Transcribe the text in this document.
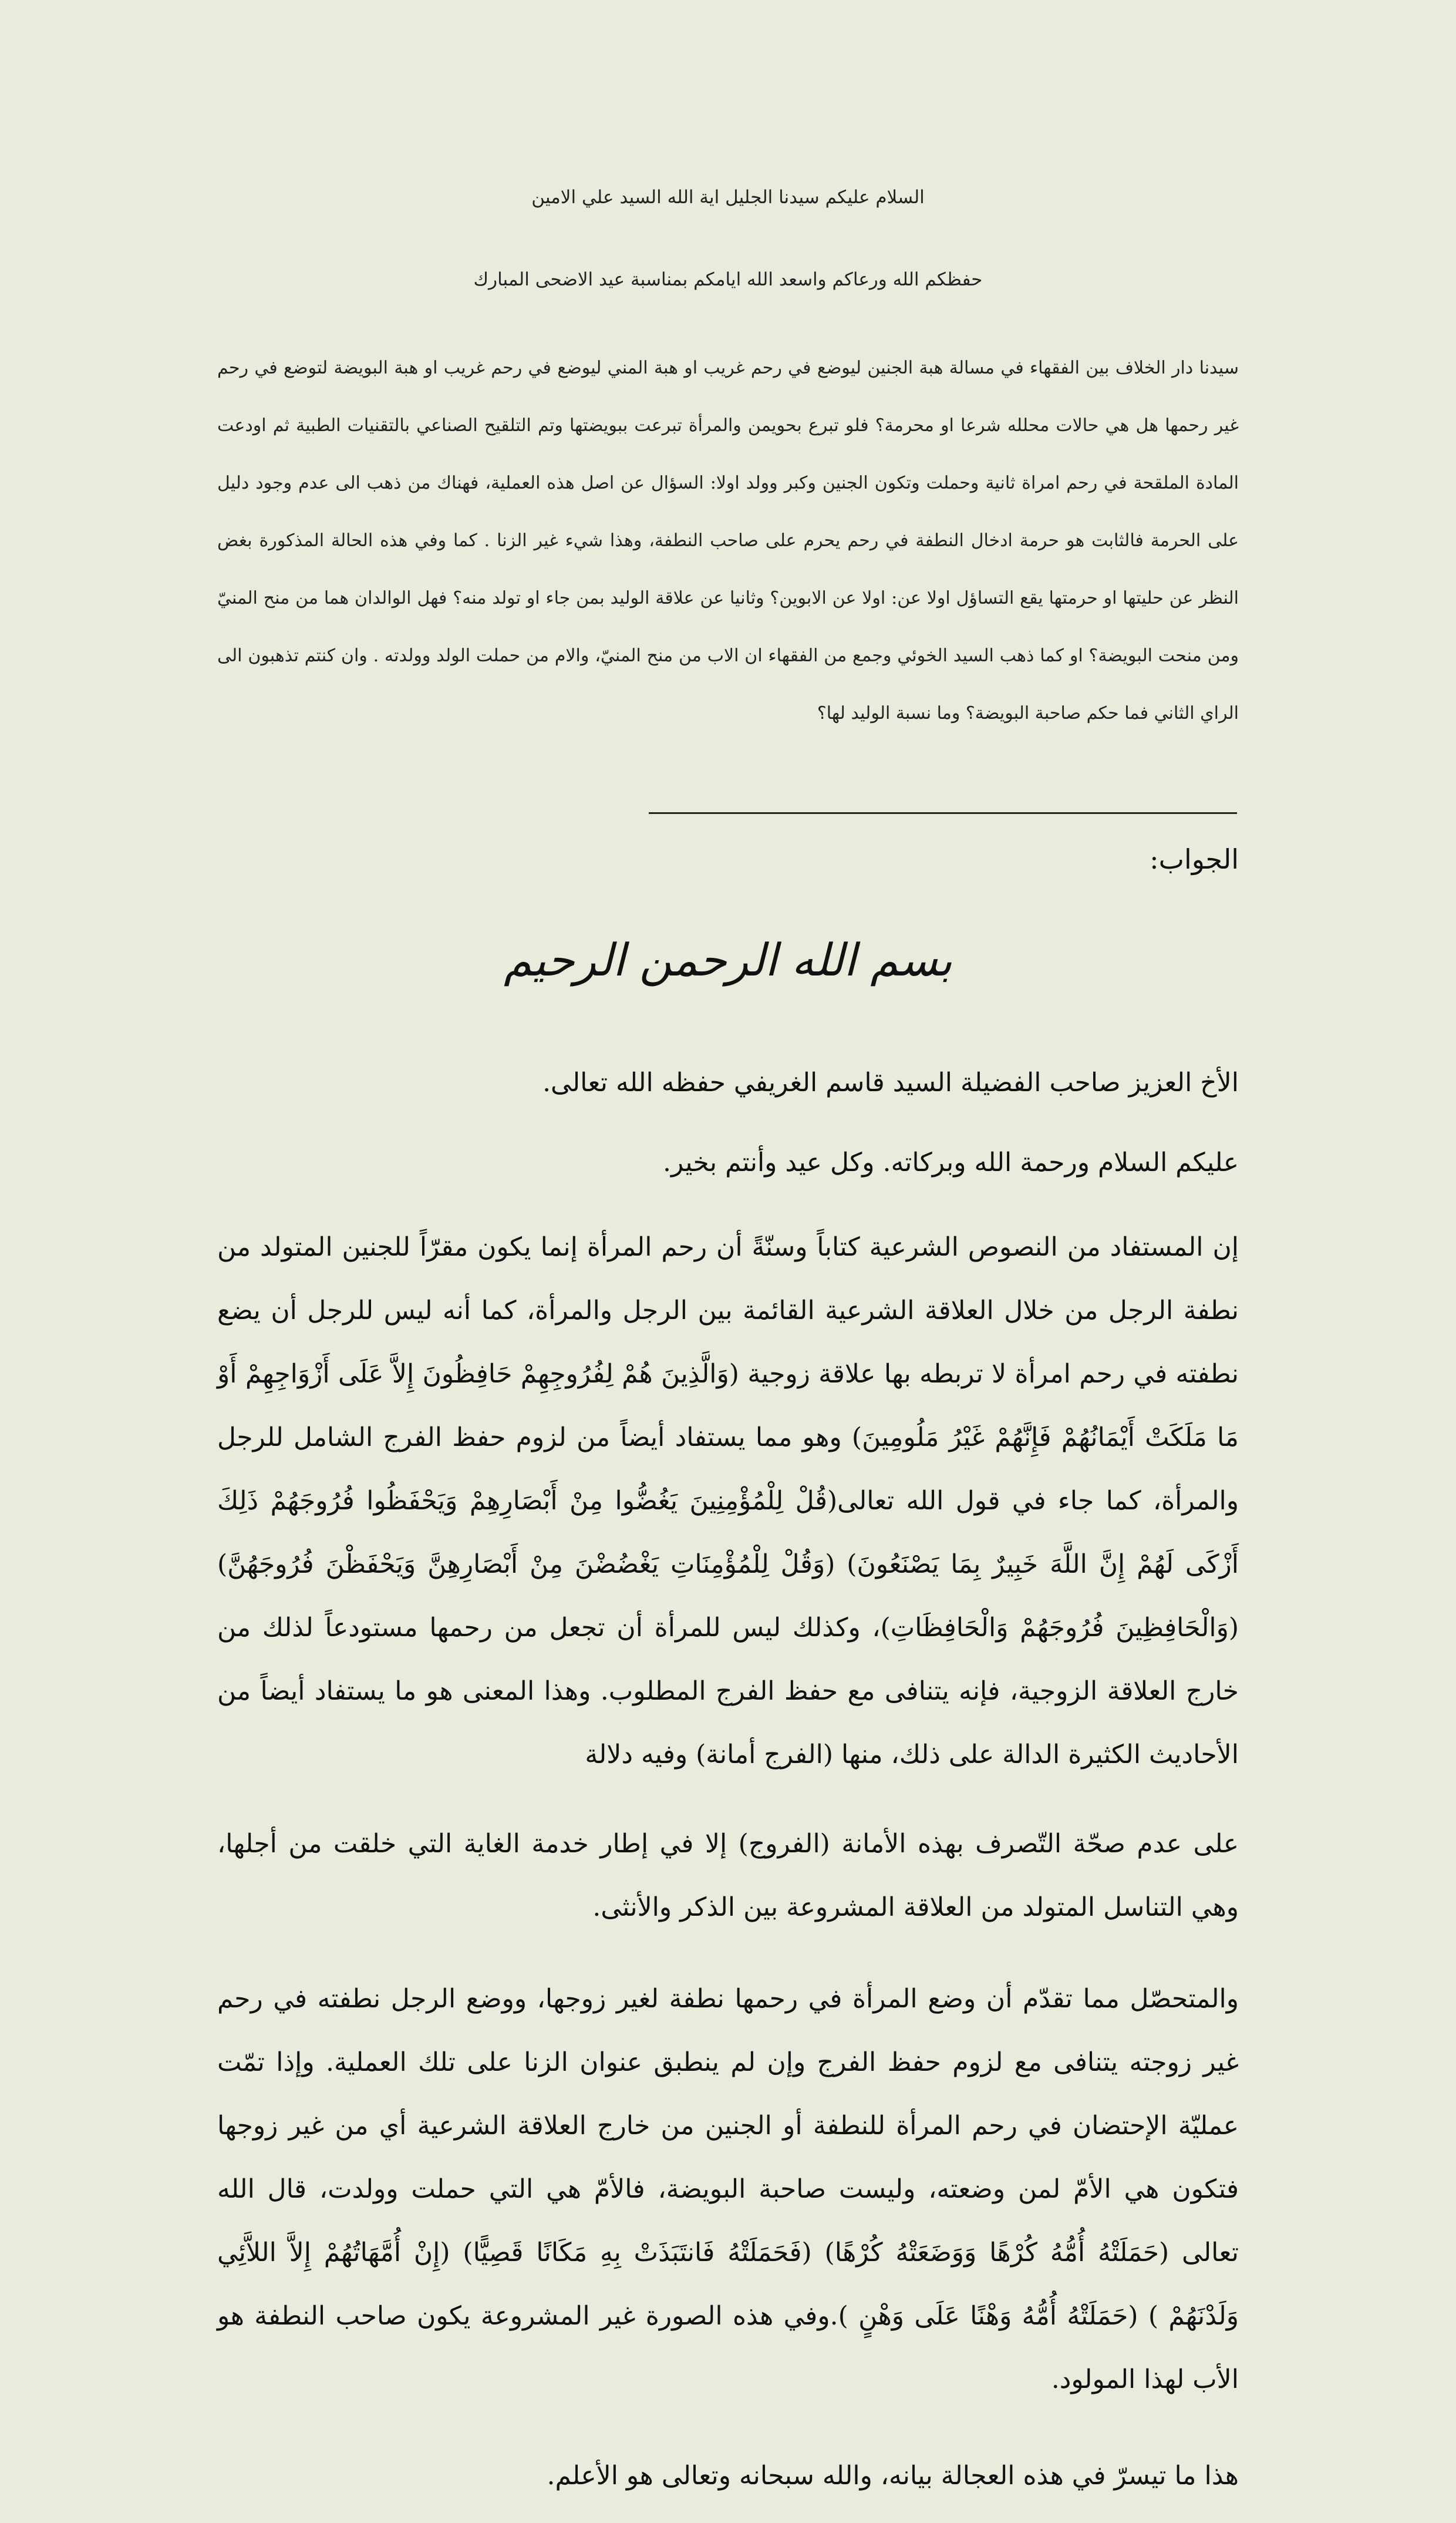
السلام عليكم سيدنا الجليل اية الله السيد علي الامين
حفظكم الله ورعاكم واسعد الله ايامكم بمناسبة عيد الاضحى المبارك

سيدنا دار الخلاف بين الفقهاء في مسالة هبة الجنين ليوضع في رحم غريب او هبة المني ليوضع في رحم غريب او هبة البويضة لتوضع في رحم غير رحمها هل هي حالات محلله شرعا او محرمة؟ فلو تبرع بحويمن والمرأة تبرعت ببويضتها وتم التلقيح الصناعي بالتقنيات الطبية ثم اودعت المادة الملقحة في رحم امراة ثانية وحملت وتكون الجنين وكبر وولد اولا: السؤال عن اصل هذه العملية، فهناك من ذهب الى عدم وجود دليل على الحرمة فالثابت هو حرمة ادخال النطفة في رحم يحرم على صاحب النطفة، وهذا شيء غير الزنا . كما وفي هذه الحالة المذكورة بغض النظر عن حليتها او حرمتها يقع التساؤل اولا عن: اولا عن الابوين؟ وثانيا عن علاقة الوليد بمن جاء او تولد منه؟ فهل الوالدان هما من منح المنيّ ومن منحت البويضة؟ او كما ذهب السيد الخوئي وجمع من الفقهاء ان الاب من منح المنيّ، والام من حملت الولد وولدته . وان كنتم تذهبون الى الراي الثاني فما حكم صاحبة البويضة؟ وما نسبة الوليد لها؟

الجواب:
بسم الله الرحمن الرحيم

الأخ العزيز صاحب الفضيلة السيد قاسم الغريفي حفظه الله تعالى.

عليكم السلام ورحمة الله وبركاته. وكل عيد وأنتم بخير.

إن المستفاد من النصوص الشرعية كتاباً وسنّةً أن رحم المرأة إنما يكون مقرّاً للجنين المتولد من نطفة الرجل من خلال العلاقة الشرعية القائمة بين الرجل والمرأة، كما أنه ليس للرجل أن يضع نطفته في رحم امرأة لا تربطه بها علاقة زوجية (وَالَّذِينَ هُمْ لِفُرُوجِهِمْ حَافِظُونَ إِلاَّ عَلَى أَزْوَاجِهِمْ أَوْ مَا مَلَكَتْ أَيْمَانُهُمْ فَإِنَّهُمْ غَيْرُ مَلُومِينَ) وهو مما يستفاد أيضاً من لزوم حفظ الفرج الشامل للرجل والمرأة، كما جاء في قول الله تعالى(قُلْ لِلْمُؤْمِنِينَ يَغُضُّوا مِنْ أَبْصَارِهِمْ وَيَحْفَظُوا فُرُوجَهُمْ ذَلِكَ أَزْكَى لَهُمْ إِنَّ اللَّهَ خَبِيرٌ بِمَا يَصْنَعُونَ) (وَقُلْ لِلْمُؤْمِنَاتِ يَغْضُضْنَ مِنْ أَبْصَارِهِنَّ وَيَحْفَظْنَ فُرُوجَهُنَّ) (وَالْحَافِظِينَ فُرُوجَهُمْ وَالْحَافِظَاتِ)، وكذلك ليس للمرأة أن تجعل من رحمها مستودعاً لذلك من خارج العلاقة الزوجية، فإنه يتنافى مع حفظ الفرج المطلوب. وهذا المعنى هو ما يستفاد أيضاً من الأحاديث الكثيرة الدالة على ذلك، منها (الفرج أمانة) وفيه دلالة

على عدم صحّة التّصرف بهذه الأمانة (الفروج) إلا في إطار خدمة الغاية التي خلقت من أجلها، وهي التناسل المتولد من العلاقة المشروعة بين الذكر والأنثى.

والمتحصّل مما تقدّم أن وضع المرأة في رحمها نطفة لغير زوجها، ووضع الرجل نطفته في رحم غير زوجته يتنافى مع لزوم حفظ الفرج وإن لم ينطبق عنوان الزنا على تلك العملية. وإذا تمّت عمليّة الإحتضان في رحم المرأة للنطفة أو الجنين من خارج العلاقة الشرعية أي من غير زوجها فتكون هي الأمّ لمن وضعته، وليست صاحبة البويضة، فالأمّ هي التي حملت وولدت، قال الله تعالى (حَمَلَتْهُ أُمُّهُ كُرْهًا وَوَضَعَتْهُ كُرْهًا) (فَحَمَلَتْهُ فَانتَبَذَتْ بِهِ مَكَانًا قَصِيًّا) (إِنْ أُمَّهَاتُهُمْ إِلاَّ اللاَّئِي وَلَدْنَهُمْ ) (حَمَلَتْهُ أُمُّهُ وَهْنًا عَلَى وَهْنٍ ).وفي هذه الصورة غير المشروعة يكون صاحب النطفة هو الأب لهذا المولود.

هذا ما تيسرّ في هذه العجالة بيانه، والله سبحانه وتعالى هو الأعلم.
